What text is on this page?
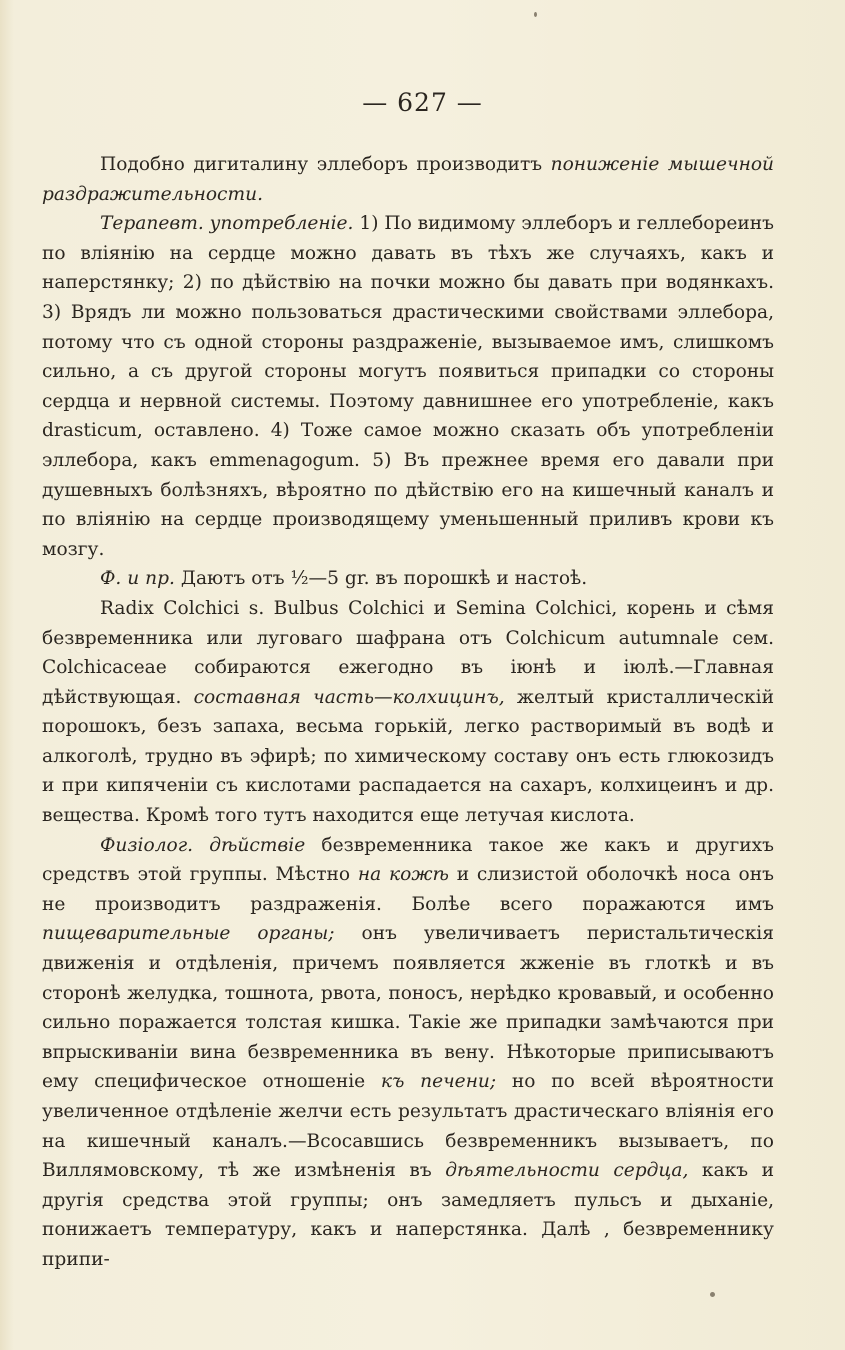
— 627 —

Подобно дигиталину эллеборъ производитъ пониженіе мышечной раздражительности.

Терапевт. употребленіе. 1) По видимому эллеборъ и геллеборeинъ по вліянію на сердце можно давать въ тѣхъ же случаяхъ, какъ и наперстянку; 2) по дѣйствію на почки можно бы давать при водянкахъ. 3) Врядъ ли можно пользоваться драстическими свойствами эллебора, потому что съ одной стороны раздраженіе, вызываемое имъ, слишкомъ сильно, а съ другой стороны могутъ появиться припадки со стороны сердца и нервной системы. Поэтому давнишнее его употребленіе, какъ drasticum, оставлено. 4) Тоже самое можно сказать объ употребленіи эллебора, какъ emmenagogum. 5) Въ прежнее время его давали при душевныхъ болѣзняхъ, вѣроятно по дѣйствію его на кишечный каналъ и по вліянію на сердце производящему уменьшенный приливъ крови къ мозгу.

Ф. и пр. Даютъ отъ ½—5 gr. въ порошкѣ и настоѣ.

Radix Colchici s. Bulbus Colchici и Semina Colchici, корень и сѣмя безвременника или луговаго шафрана отъ Colchicum autumnale сем. Colchicaceae собираются ежегодно въ іюнѣ и іюлѣ.—Главная дѣйствующая. составная часть—колхицинъ, желтый кристаллическій порошокъ, безъ запаха, весьма горькій, легко растворимый въ водѣ и алкоголѣ, трудно въ эфирѣ; по химическому составу онъ есть глюкозидъ и при кипяченіи съ кислотами распадается на сахаръ, колхицеинъ и др. вещества. Кромѣ того тутъ находится еще летучая кислота.

Физіолог. дѣйствіе безвременника такое же какъ и другихъ средствъ этой группы. Мѣстно на кожѣ и слизистой оболочкѣ носа онъ не производитъ раздраженія. Болѣе всего поражаются имъ пищеварительные органы; онъ увеличиваетъ перистальтическія движенія и отдѣленія, причемъ появляется жженіе въ глоткѣ и въ сторонѣ желудка, тошнота, рвота, поносъ, нерѣдко кровавый, и особенно сильно поражается толстая кишка. Такіе же припадки замѣчаются при впрыскиваніи вина безвременника въ вену. Нѣкоторые приписываютъ ему специфическое отношеніе къ печени; но по всей вѣроятности увеличенное отдѣленіе желчи есть результатъ драстическаго вліянія его на кишечный каналъ.—Всосавшись безвременникъ вызываетъ, по Виллямовскому, тѣ же измѣненія въ дѣятельности сердца, какъ и другія средства этой группы; онъ замедляетъ пульсъ и дыханіе, понижаетъ температуру, какъ и наперстянка. Далѣ , безвременнику припи-
